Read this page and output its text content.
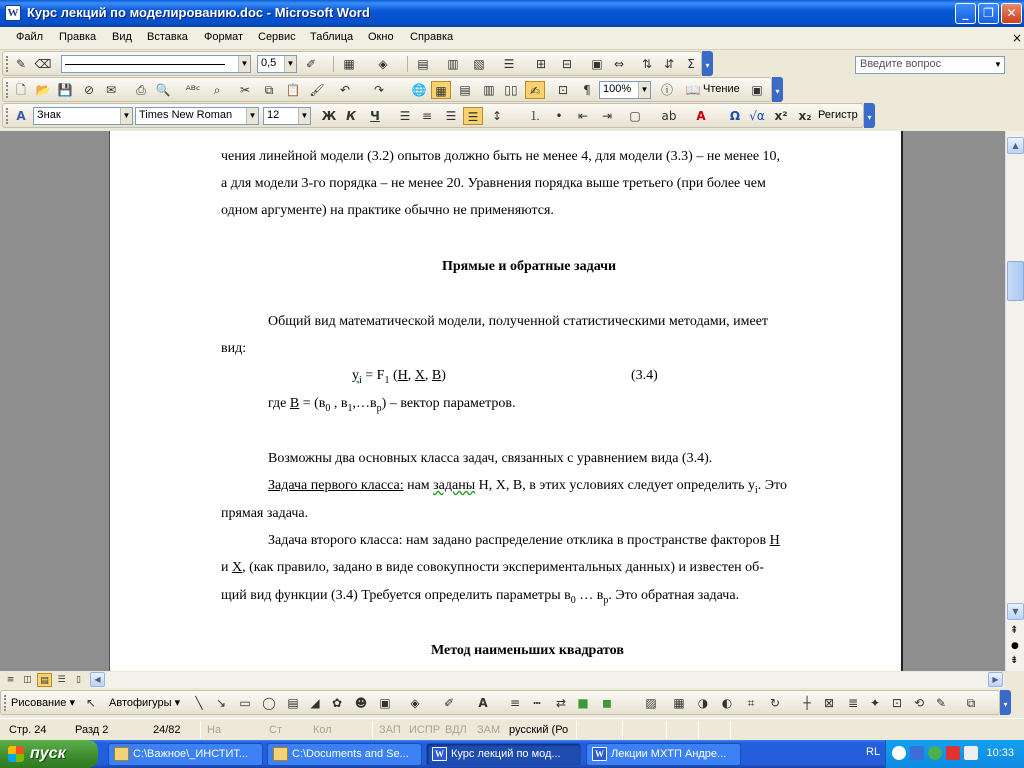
W Курс лекций по моделированию.doc - Microsoft Word	_	❐	✕
Файл Правка Вид Вставка Формат Сервис Таблица Окно Справка
Введите вопрос	▼
×
✎ ⌫	▼	0,5	▼ ✐	▦	◈	▤	▥	▧	☰	⊞	⊟	▣ ⇔	⇅ ⇵	Σ	▾
🗋 📂 💾 ⊘ ✉	⎙ 🔍 ᴬᴮᶜ	⌕	✂	⧉	📋 🖌	↶	↷	🌐 ▦	▤	▥ ▯▯	✍	⊡	¶	100%	▼	ⓘ	📖 Чтение ▣	▾
A	Знак	▼ Times New Roman	▼ 12	▼ Ж К	Ч	☰ ≡	☰ ☰	↕	⒈	•	⇤	⇥	▢	ab	A	Ω √α x² x₂ Регистр	▾
чения линейной модели (3.2) опытов должно быть не менее 4, для модели (3.3) – не менее 10,
а для модели 3-го порядка – не менее 20. Уравнения порядка выше третьего (при более чем
одном аргументе) на практике обычно не применяются.
Прямые и обратные задачи
Общий вид математической модели, полученной статистическими методами, имеет
вид:
$y_i = F_1$ (H, X, B)	(3.4)
где $B = (в_0$ , $в_1,\dots в_p$) – вектор параметров.
Возможны два основных класса задач, связанных с уравнением вида (3.4).
Задача первого класса: нам заданы H, X, B, в этих условиях следует определить $y_i$. Это
прямая задача.
Задача второго класса: нам задано распределение отклика в пространстве факторов H
и X, (как правило, задано в виде совокупности экспериментальных данных) и известен об-
щий вид функции (3.4) Требуется определить параметры $в_0$ … $в_p$. Это обратная задача.
Метод наименьших квадратов
▲
▼
⇞
●
⇟
≡ ◫ ▤ ☰	▯	◀	▶
Рисование ▾ ↖	Автофигуры ▾	╲	↘	▭ ◯ ▤ ◢	✿	☻	▣	◈	✐	A	≡	┅	⇄ ■	◼	▨	▦	◑	◐	⌗	↻	┼	⊠	≣ ✦ ⊡ ⟲ ✎	⧉	▾
Стр. 24	Разд 2	24/82 На	Ст	Кол	ЗАП ИСПР ВДЛ ЗАМ русский (Ро
пуск	C:\Важное\_ИНСТИТ...	C:\Documents and Se...	W Курс лекций по мод...	W Лекции МХТП Андре...	RL	10:33
